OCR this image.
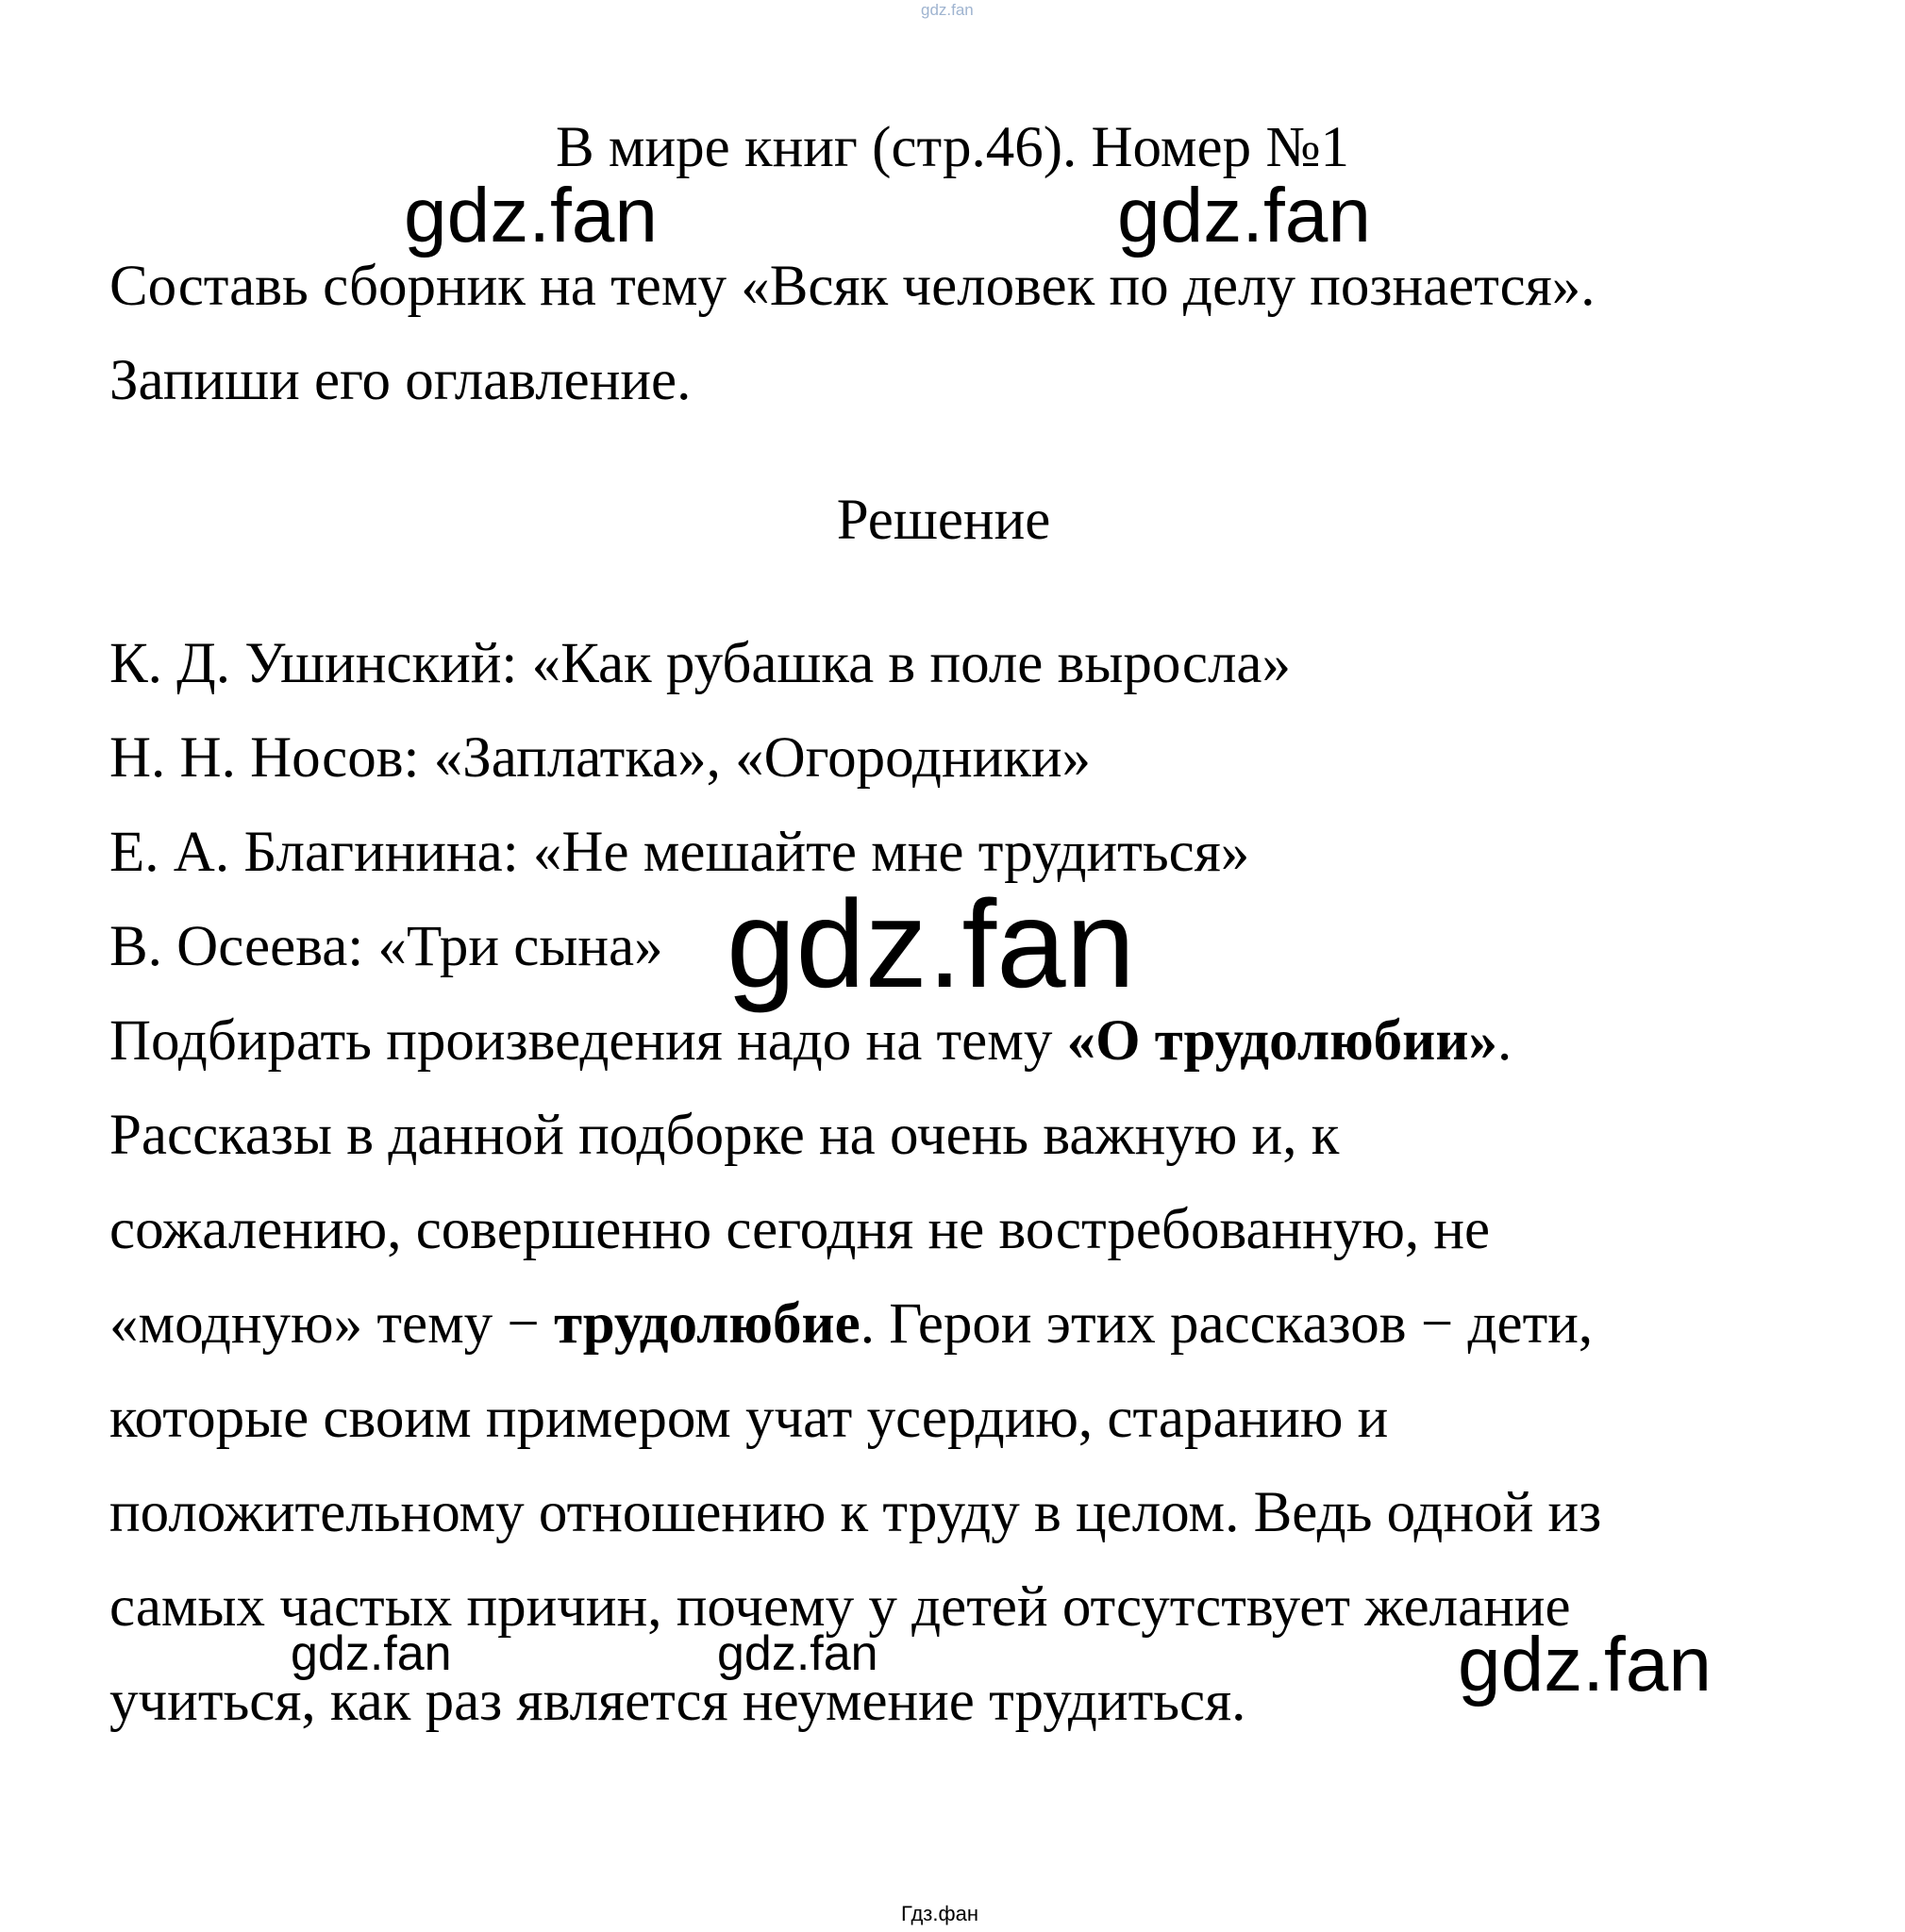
gdz.fan
В мире книг (стр.46). Номер №1
gdz.fan	gdz.fan
Составь сборник на тему «Всяк человек по делу познается».
Запиши его оглавление.
Решение
К. Д. Ушинский: «Как рубашка в поле выросла»
Н. Н. Носов: «Заплатка», «Огородники»
Е. А. Благинина: «Не мешайте мне трудиться»
В. Осеева: «Три сына» gdz.fan
Подбирать произведения надо на тему «О трудолюбии».
Рассказы в данной подборке на очень важную и, к
сожалению, совершенно сегодня не востребованную, не
«модную» тему − трудолюбие. Герои этих рассказов − дети,
которые своим примером учат усердию, старанию и
положительному отношению к труду в целом. Ведь одной из
самых частых причин, почему у детей отсутствует желание
учиться, как раз является неумение трудиться.
gdz.fan	gdz.fan	gdz.fan
Гдз.фан
